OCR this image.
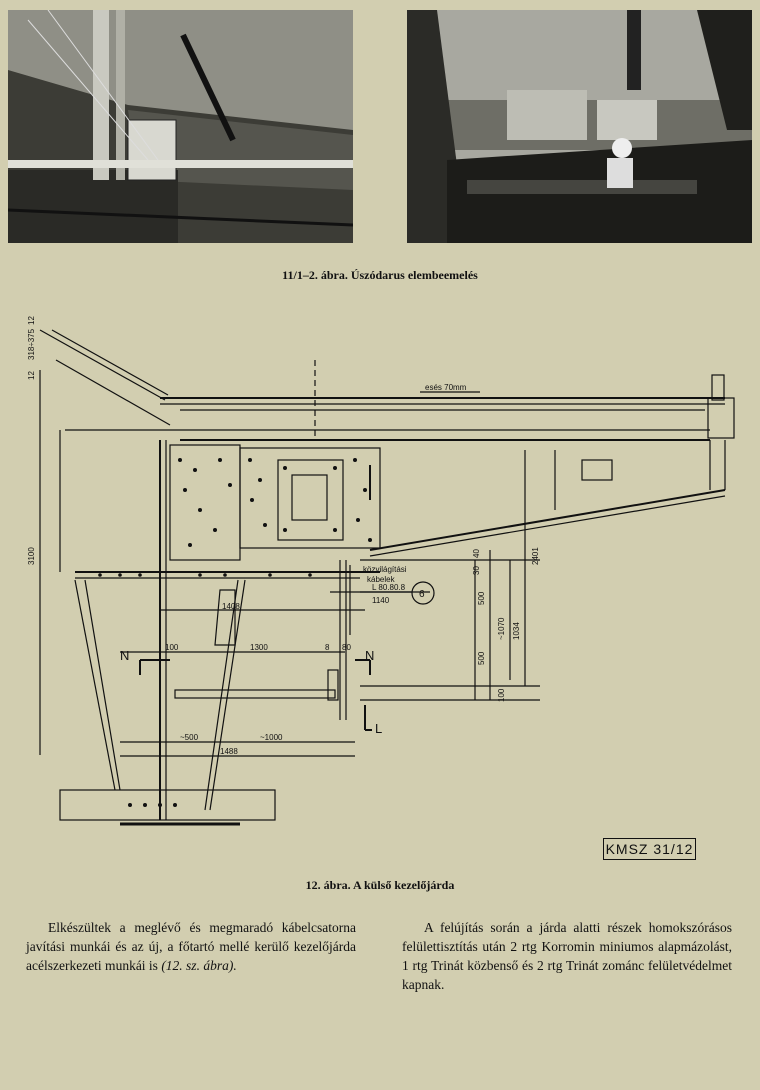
11/1–2. ábra. Úszódarus elembeemelés
esés 70mm
közvilágítási
kábelek
L 80.80.8
6
1140
1408
1300	8 80
100
~500	~1000
1488
3100	2401
~1070 1034
30
40
500
500
100
12
318÷375
12
N	N
L
KMSZ 31/12
12. ábra. A külső kezelőjárda

Elkészültek a meglévő és megmaradó kábelcsatorna javítási munkái és az új, a főtartó mellé kerülő kezelőjárda acélszerkezeti munkái is (12. sz. ábra).

A felújítás során a járda alatti részek homokszórásos felülettisztítás után 2 rtg Korromin miniumos alapmázolást, 1 rtg Trinát közbenső és 2 rtg Trinát zománc felületvédelmet kapnak.
